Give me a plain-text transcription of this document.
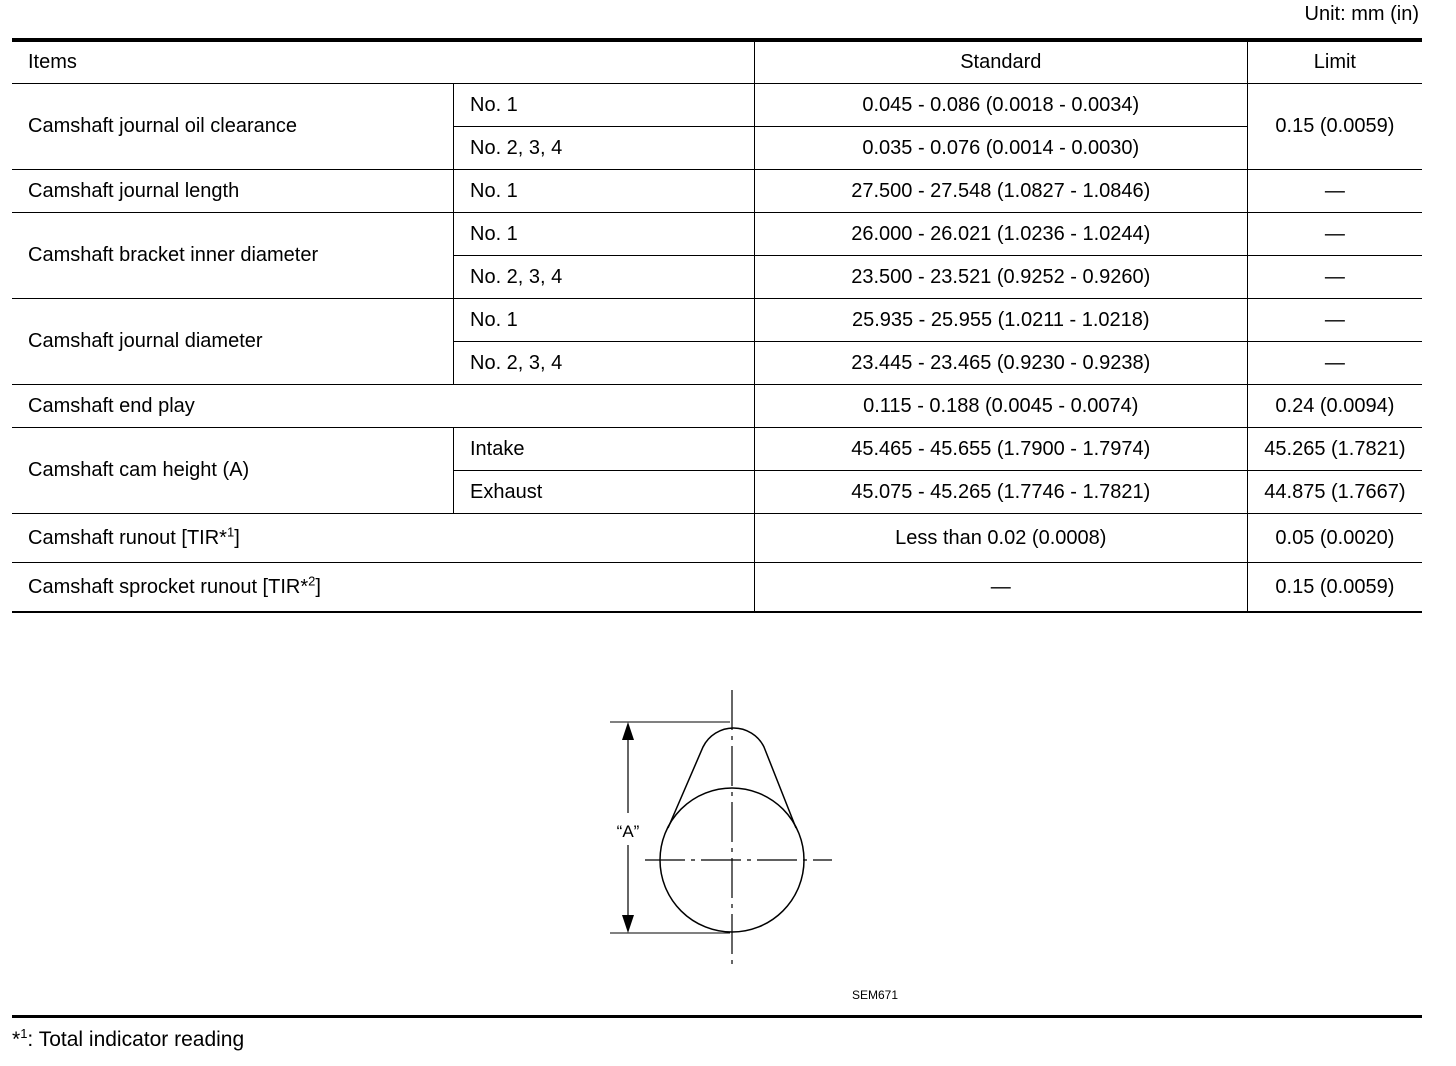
Unit: mm (in)
Items		Standard	Limit
Camshaft journal oil clearance	No. 1	0.045 - 0.086 (0.0018 - 0.0034)	0.15 (0.0059)
	No. 2, 3, 4	0.035 - 0.076 (0.0014 - 0.0030)	
Camshaft journal length	No. 1	27.500 - 27.548 (1.0827 - 1.0846)	—
Camshaft bracket inner diameter	No. 1	26.000 - 26.021 (1.0236 - 1.0244)	—
	No. 2, 3, 4	23.500 - 23.521 (0.9252 - 0.9260)	—
Camshaft journal diameter	No. 1	25.935 - 25.955 (1.0211 - 1.0218)	—
	No. 2, 3, 4	23.445 - 23.465 (0.9230 - 0.9238)	—
Camshaft end play		0.115 - 0.188 (0.0045 - 0.0074)	0.24 (0.0094)
Camshaft cam height (A)	Intake	45.465 - 45.655 (1.7900 - 1.7974)	45.265 (1.7821)
	Exhaust	45.075 - 45.265 (1.7746 - 1.7821)	44.875 (1.7667)
Camshaft runout [TIR*$^1$]		Less than 0.02 (0.0008)	0.05 (0.0020)
Camshaft sprocket runout [TIR*$^2$]		—	0.15 (0.0059)
“A”
SEM671
*$^1$: Total indicator reading
